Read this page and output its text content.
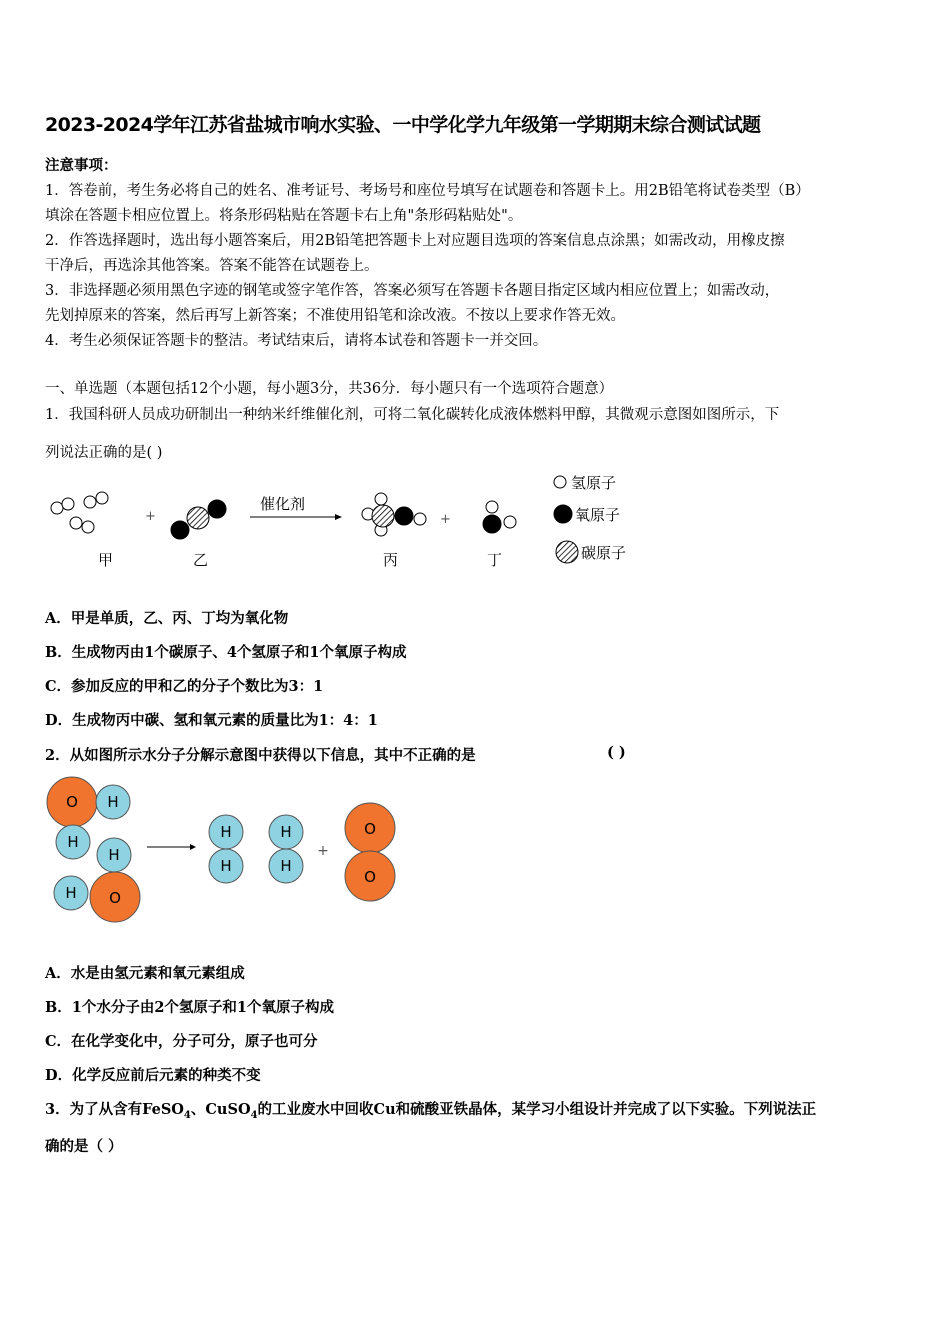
2023-2024学年江苏省盐城市响水实验、一中学化学九年级第一学期期末综合测试试题
注意事项：
1．答卷前，考生务必将自己的姓名、准考证号、考场号和座位号填写在试题卷和答题卡上。用2B铅笔将试卷类型（B）
填涂在答题卡相应位置上。将条形码粘贴在答题卡右上角"条形码粘贴处"。
2．作答选择题时，选出每小题答案后，用2B铅笔把答题卡上对应题目选项的答案信息点涂黑；如需改动，用橡皮擦
干净后，再选涂其他答案。答案不能答在试题卷上。
3．非选择题必须用黑色字迹的钢笔或签字笔作答，答案必须写在答题卡各题目指定区域内相应位置上；如需改动，
先划掉原来的答案，然后再写上新答案；不准使用铅笔和涂改液。不按以上要求作答无效。
4．考生必须保证答题卡的整洁。考试结束后，请将本试卷和答题卡一并交回。
一、单选题（本题包括12个小题，每小题3分，共36分．每小题只有一个选项符合题意）
1．我国科研人员成功研制出一种纳米纤维催化剂，可将二氧化碳转化成液体燃料甲醇，其微观示意图如图所示，下
列说法正确的是( )
+
催化剂
+
甲	乙	丙	丁
氢原子
氧原子
碳原子
A．甲是单质，乙、丙、丁均为氧化物
B．生成物丙由1个碳原子、4个氢原子和1个氧原子构成
C．参加反应的甲和乙的分子个数比为3：1
D．生成物丙中碳、氢和氧元素的质量比为1：4：1
2．从如图所示水分子分解示意图中获得以下信息，其中不正确的是	( )
O H
H
H
H O
H
H
H
H
+
O
O
A．水是由氢元素和氧元素组成
B．1个水分子由2个氢原子和1个氧原子构成
C．在化学变化中，分子可分，原子也可分
D．化学反应前后元素的种类不变
3．为了从含有FeSO$_4$、CuSO$_4$的工业废水中回收Cu和硫酸亚铁晶体，某学习小组设计并完成了以下实验。下列说法正
确的是（ ）
